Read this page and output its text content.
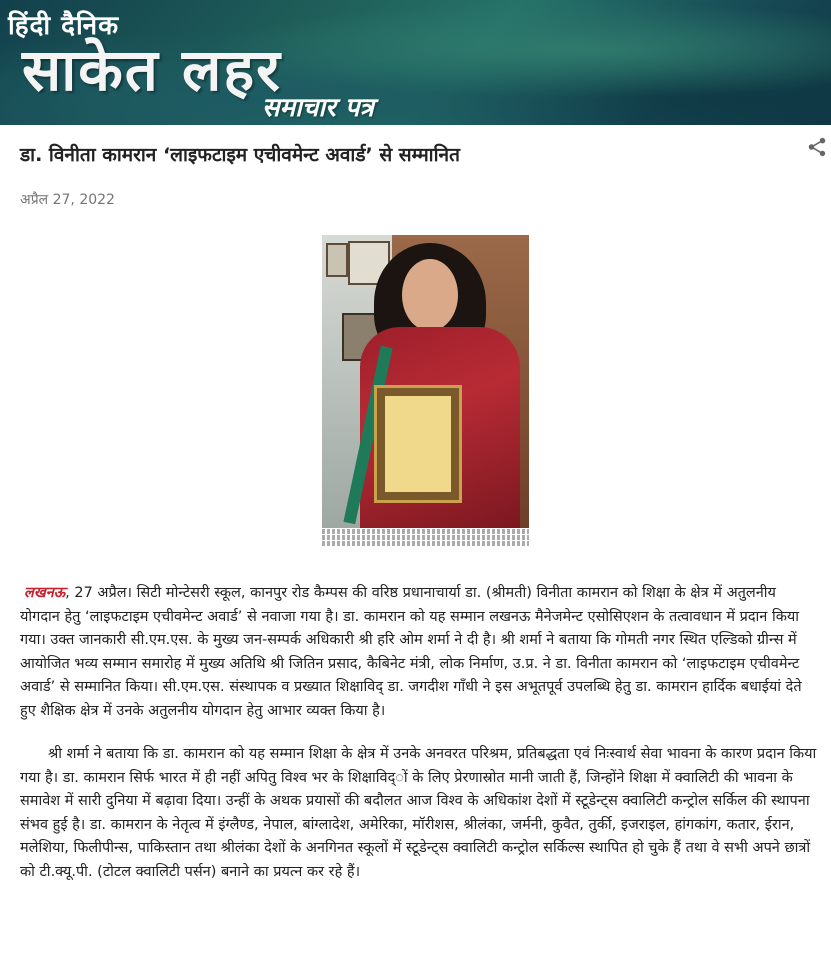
हिंदी दैनिक
साकेत लहर
समाचार पत्र
डा. विनीता कामरान ‘लाइफटाइम एचीवमेन्ट अवार्ड’ से सम्मानित
अप्रैल 27, 2022

लखनऊ, 27 अप्रैल। सिटी मोन्टेसरी स्कूल, कानपुर रोड कैम्पस की वरिष्ठ प्रधानाचार्या डा. (श्रीमती) विनीता कामरान को शिक्षा के क्षेत्र में अतुलनीय योगदान हेतु ‘लाइफटाइम एचीवमेन्ट अवार्ड’ से नवाजा गया है। डा. कामरान को यह सम्मान लखनऊ मैनेजमेन्ट एसोसिएशन के तत्वावधान में प्रदान किया गया। उक्त जानकारी सी.एम.एस. के मुख्य जन-सम्पर्क अधिकारी श्री हरि ओम शर्मा ने दी है। श्री शर्मा ने बताया कि गोमती नगर स्थित एल्डिको ग्रीन्स में आयोजित भव्य सम्मान समारोह में मुख्य अतिथि श्री जितिन प्रसाद, कैबिनेट मंत्री, लोक निर्माण, उ.प्र. ने डा. विनीता कामरान को ‘लाइफटाइम एचीवमेन्ट अवार्ड’ से सम्मानित किया। सी.एम.एस. संस्थापक व प्रख्यात शिक्षाविद् डा. जगदीश गाँधी ने इस अभूतपूर्व उपलब्धि हेतु डा. कामरान हार्दिक बधाईयां देते हुए शैक्षिक क्षेत्र में उनके अतुलनीय योगदान हेतु आभार व्यक्त किया है।

श्री शर्मा ने बताया कि डा. कामरान को यह सम्मान शिक्षा के क्षेत्र में उनके अनवरत परिश्रम, प्रतिबद्धता एवं निःस्वार्थ सेवा भावना के कारण प्रदान किया गया है। डा. कामरान सिर्फ भारत में ही नहीं अपितु विश्व भर के शिक्षाविद्ों के लिए प्रेरणास्रोत मानी जाती हैं, जिन्होंने शिक्षा में क्वालिटी की भावना के समावेश में सारी दुनिया में बढ़ावा दिया। उन्हीं के अथक प्रयासों की बदौलत आज विश्व के अधिकांश देशों में स्टूडेन्ट्स क्वालिटी कन्ट्रोल सर्किल की स्थापना संभव हुई है। डा. कामरान के नेतृत्व में इंग्लैण्ड, नेपाल, बांग्लादेश, अमेरिका, मॉरीशस, श्रीलंका, जर्मनी, कुवैत, तुर्की, इजराइल, हांगकांग, कतार, ईरान, मलेशिया, फिलीपीन्स, पाकिस्तान तथा श्रीलंका देशों के अनगिनत स्कूलों में स्टूडेन्ट्स क्वालिटी कन्ट्रोल सर्किल्स स्थापित हो चुके हैं तथा वे सभी अपने छात्रों को टी.क्यू.पी. (टोटल क्वालिटी पर्सन) बनाने का प्रयत्न कर रहे हैं।
